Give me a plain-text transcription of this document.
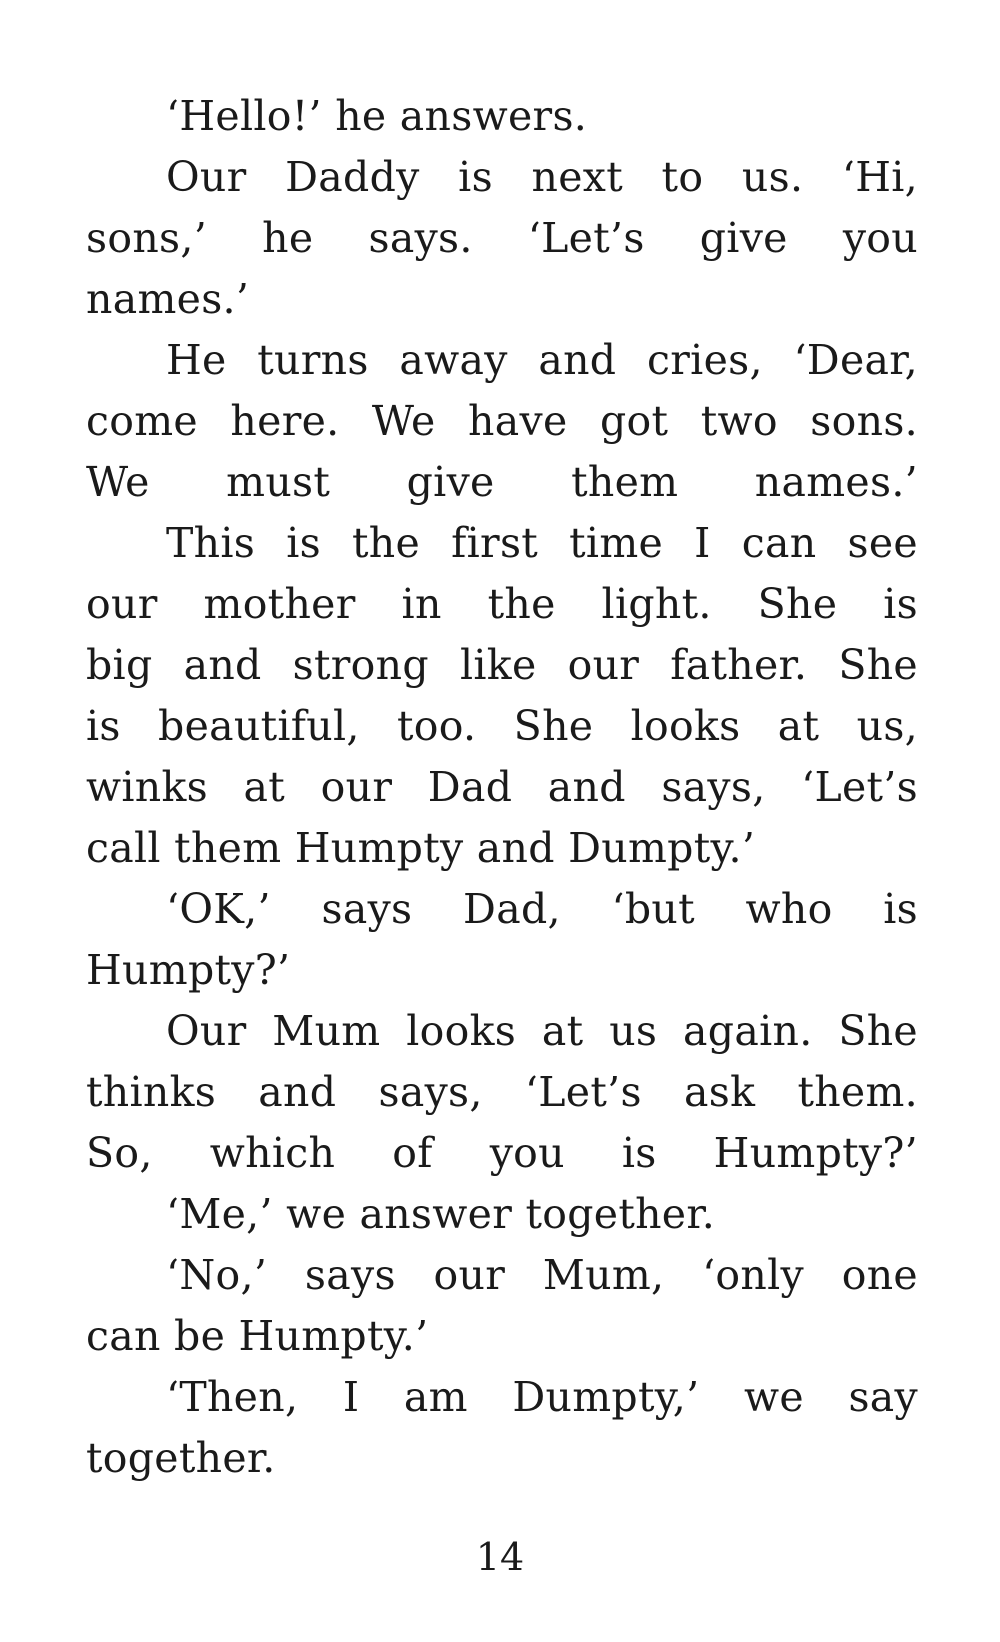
‘Hello!’ he answers.
Our Daddy is next to us. ‘Hi,
sons,’ he says. ‘Let’s give you
names.’
He turns away and cries, ‘Dear,
come here. We have got two sons.
We must give them names.’
This is the first time I can see
our mother in the light. She is
big and strong like our father. She
is beautiful, too. She looks at us,
winks at our Dad and says, ‘Let’s
call them Humpty and Dumpty.’
‘OK,’ says Dad, ‘but who is
Humpty?’
Our Mum looks at us again. She
thinks and says, ‘Let’s ask them.
So, which of you is Humpty?’
‘Me,’ we answer together.
‘No,’ says our Mum, ‘only one
can be Humpty.’
‘Then, I am Dumpty,’ we say
together.
14
